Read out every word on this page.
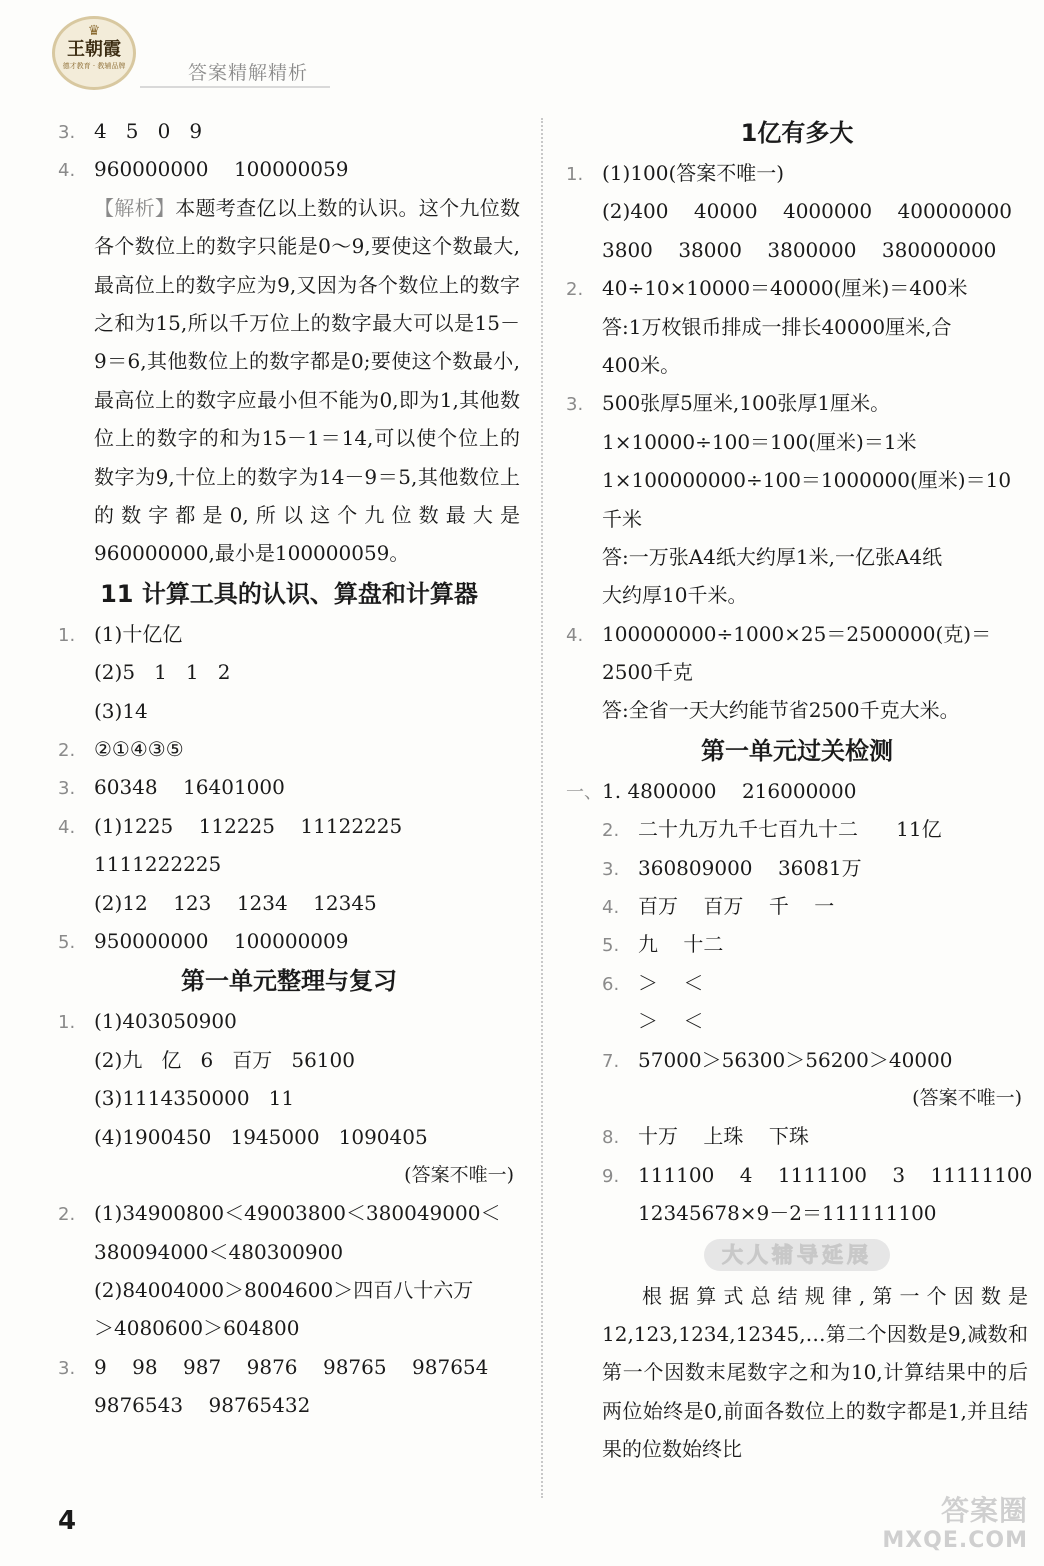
♛
王朝霞
德才教育 · 教辅品牌	答案精解精析
3. 4   5   0   9
4. 960000000    100000059
【解析】本题考查亿以上数的认识。这个九位数各个数位上的数字只能是0～9,要使这个数最大,最高位上的数字应为9,又因为各个数位上的数字之和为15,所以千万位上的数字最大可以是15－9＝6,其他数位上的数字都是0;要使这个数最小,最高位上的数字应最小但不能为0,即为1,其他数位上的数字的和为15－1＝14,可以使个位上的数字为9,十位上的数字为14－9＝5,其他数位上的数字都是0,所以这个九位数最大是960000000,最小是100000059。
11 计算工具的认识、算盘和计算器
1. (1)十亿亿
(2)5   1   1   2
(3)14
2. ②①④③⑤
3. 60348    16401000
4. (1)1225    112225    11122225
1111222225
(2)12    123    1234    12345
5. 950000000    100000009
第一单元整理与复习
1. (1)403050900
(2)九   亿   6   百万   56100
(3)1114350000   11
(4)1900450   1945000   1090405
(答案不唯一)
2. (1)34900800＜49003800＜380049000＜
380094000＜480300900
(2)84004000＞8004600＞四百八十六万
＞4080600＞604800
3. 9    98    987    9876    98765    987654
9876543    98765432
1亿有多大
1. (1)100(答案不唯一)
(2)400    40000    4000000    400000000
3800    38000    3800000    380000000
2. 40÷10×10000＝40000(厘米)＝400米
答:1万枚银币排成一排长40000厘米,合
400米。
3. 500张厚5厘米,100张厚1厘米。
1×10000÷100＝100(厘米)＝1米
1×100000000÷100＝1000000(厘米)＝10
千米
答:一万张A4纸大约厚1米,一亿张A4纸
大约厚10千米。
4. 100000000÷1000×25＝2500000(克)＝
2500千克
答:全省一天大约能节省2500千克大米。
第一单元过关检测
一、1. 4800000    216000000
2. 二十九万九千七百九十二      11亿
3. 360809000    36081万
4. 百万    百万    千    一
5. 九    十二
6. ＞    ＜
＞    ＜
7. 57000＞56300＞56200＞40000
(答案不唯一)
8. 十万    上珠    下珠
9. 111100    4    1111100    3    11111100
12345678×9－2＝111111100
大人辅导延展
根据算式总结规律,第一个因数是12,123,1234,12345,…第二个因数是9,减数和第一个因数末尾数字之和为10,计算结果中的后两位始终是0,前面各数位上的数字都是1,并且结果的位数始终比
4	答案圈
MXQE.COM
